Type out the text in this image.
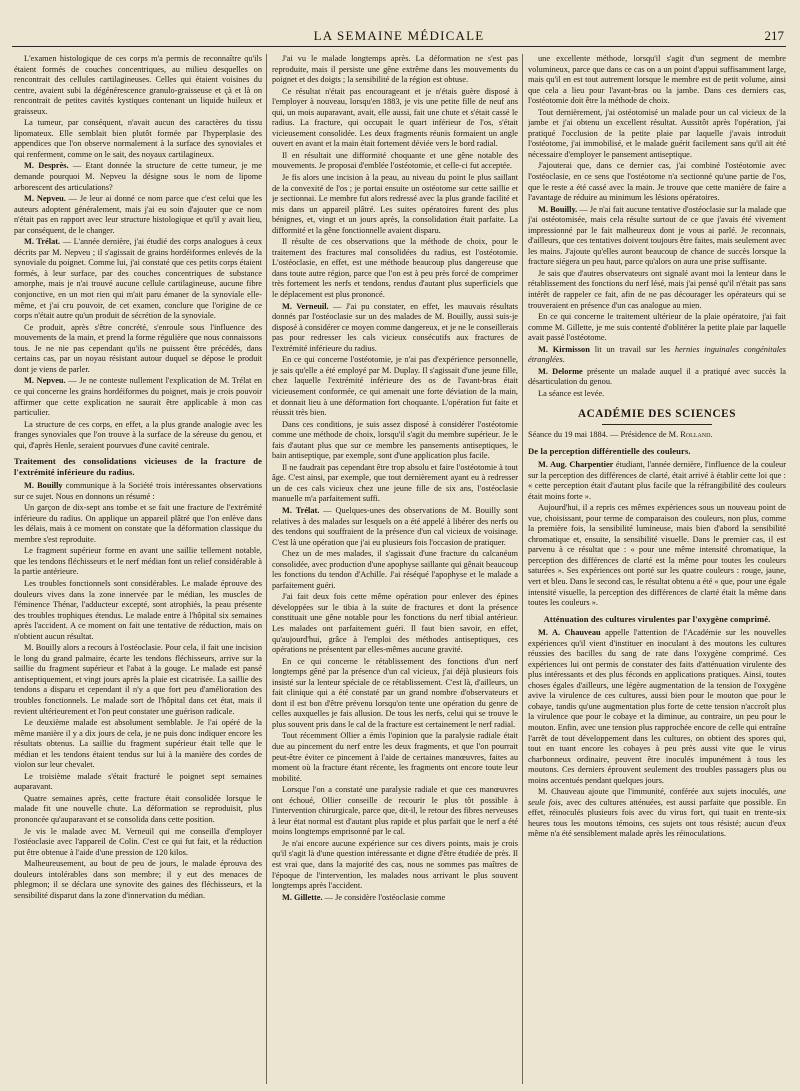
LA SEMAINE MÉDICALE	217

L'examen histologique de ces corps m'a permis de reconnaître qu'ils étaient formés de couches concentriques, au milieu desquelles on rencontrait des cellules cartilagineuses. Celles qui étaient voisines du centre, avaient subi la dégénérescence granulo-graisseuse et çà et là on rencontrait de petites cavités kystiques contenant un liquide huileux et graisseux.

La tumeur, par conséquent, n'avait aucun des caractères du tissu lipomateux. Elle semblait bien plutôt formée par l'hyperplasie des appendices que l'on observe normalement à la surface des synoviales et qui renferment, comme on le sait, des noyaux cartilagineux.

M. Desprès. — Etant donnée la structure de cette tumeur, je me demande pourquoi M. Nepveu la désigne sous le nom de lipome arborescent des articulations?

M. Nepveu. — Je leur ai donné ce nom parce que c'est celui que les auteurs adoptent généralement, mais j'ai eu soin d'ajouter que ce nom n'était pas en rapport avec leur structure histologique et qu'il y avait lieu, par conséquent, de le changer.

M. Trélat. — L'année dernière, j'ai étudié des corps analogues à ceux décrits par M. Nepveu ; il s'agissait de grains hordéiformes enlevés de la synoviale du poignet. Comme lui, j'ai constaté que ces petits corps étaient formés, à leur surface, par des couches concentriques de substance amorphe, mais je n'ai trouvé aucune cellule cartilagineuse, aucune fibre conjonctive, en un mot rien qui m'ait paru émaner de la synoviale elle-même, et j'ai cru pouvoir, de cet examen, conclure que l'origine de ce corps n'était autre qu'un produit de sécrétion de la synoviale.

Ce produit, après s'être concrété, s'enroule sous l'influence des mouvements de la main, et prend la forme régulière que nous connaissons tous. Je ne nie pas cependant qu'ils ne puissent être précédés, dans certains cas, par un noyau résistant autour duquel se dépose le produit dont je viens de parler.

M. Nepveu. — Je ne conteste nullement l'explication de M. Trélat en ce qui concerne les grains hordéiformes du poignet, mais je crois pouvoir affirmer que cette explication ne saurait être applicable à mon cas particulier.

La structure de ces corps, en effet, a la plus grande analogie avec les franges synoviales que l'on trouve à la surface de la séreuse du genou, et qui, d'après Henle, seraient pourvues d'une cavité centrale.

Traitement des consolidations vicieuses de la fracture de l'extrémité inférieure du radius.

M. Bouilly communique à la Société trois intéressantes observations sur ce sujet. Nous en donnons un résumé :

Un garçon de dix-sept ans tombe et se fait une fracture de l'extrémité inférieure du radius. On applique un appareil plâtré que l'on enlève dans les délais, mais à ce moment on constate que la déformation classique du membre s'est reproduite.

Le fragment supérieur forme en avant une saillie tellement notable, que les tendons fléchisseurs et le nerf médian font un relief considérable à la partie antérieure.

Les troubles fonctionnels sont considérables. Le malade éprouve des douleurs vives dans la zone innervée par le médian, les muscles de l'éminence Thénar, l'adducteur excepté, sont atrophiés, la peau présente des troubles trophiques étendus. Le malade entre à l'hôpital six semaines après l'accident. A ce moment on fait une tentative de réduction, mais on n'obtient aucun résultat.

M. Bouilly alors a recours à l'ostéoclasie. Pour cela, il fait une incision le long du grand palmaire, écarte les tendons fléchisseurs, arrive sur la saillie du fragment supérieur et l'abat à la gouge. Le malade est pansé antiseptiquement, et vingt jours après la plaie est cicatrisée. La saillie des tendons a disparu et cependant il n'y a que fort peu d'amélioration des troubles fonctionnels. Le malade sort de l'hôpital dans cet état, mais il revient ultérieurement et l'on peut constater une guérison radicale.

Le deuxième malade est absolument semblable. Je l'ai opéré de la même manière il y a dix jours de cela, je ne puis donc indiquer encore les résultats obtenus. La saillie du fragment supérieur était telle que le médian et les tendons étaient tendus sur lui à la manière des cordes de violon sur leur chevalet.

Le troisième malade s'était fracturé le poignet sept semaines auparavant.

Quatre semaines après, cette fracture était consolidée lorsque le malade fit une nouvelle chute. La déformation se reproduisit, plus prononcée qu'auparavant et se consolida dans cette position.

Je vis le malade avec M. Verneuil qui me conseilla d'employer l'ostéoclasie avec l'appareil de Colin. C'est ce qui fut fait, et la réduction put être obtenue à l'aide d'une pression de 120 kilos.

Malheureusement, au bout de peu de jours, le malade éprouva des douleurs intolérables dans son membre; il y eut des menaces de phlegmon; il se déclara une synovite des gaines des fléchisseurs, et la sensibilité disparut dans la zone d'innervation du médian.

J'ai vu le malade longtemps après. La déformation ne s'est pas reproduite, mais il persiste une gêne extrême dans les mouvements du poignet et des doigts ; la sensibilité de la région est obtuse.

Ce résultat n'était pas encourageant et je n'étais guère disposé à l'employer à nouveau, lorsqu'en 1883, je vis une petite fille de neuf ans qui, un mois auparavant, avait, elle aussi, fait une chute et s'était cassé le radius. La fracture, qui occupait le quart inférieur de l'os, s'était vicieusement consolidée. Les deux fragments réunis formaient un angle ouvert en avant et la main était fortement déviée vers le bord radial.

Il en résultait une difformité choquante et une gêne notable des mouvements. Je proposai d'emblée l'ostéotomie, et celle-ci fut acceptée.

Je fis alors une incision à la peau, au niveau du point le plus saillant de la convexité de l'os ; je portai ensuite un ostéotome sur cette saillie et je sectionnai. Le membre fut alors redressé avec la plus grande facilité et mis dans un appareil plâtré. Les suites opératoires furent des plus bénignes, et, vingt et un jours après, la consolidation était parfaite. La difformité et la gêne fonctionnelle avaient disparu.

Il résulte de ces observations que la méthode de choix, pour le traitement des fractures mal consolidées du radius, est l'ostéotomie. L'ostéoclasie, en effet, est une méthode beaucoup plus dangereuse que dans toute autre région, parce que l'on est à peu près forcé de comprimer très fortement les nerfs et tendons, rendus d'autant plus superficiels que le déplacement est plus prononcé.

M. Verneuil. — J'ai pu constater, en effet, les mauvais résultats donnés par l'ostéoclasie sur un des malades de M. Bouilly, aussi suis-je disposé à considérer ce moyen comme dangereux, et je ne le conseillerais pas pour redresser les cals vicieux consécutifs aux fractures de l'extrémité inférieure du radius.

En ce qui concerne l'ostéotomie, je n'ai pas d'expérience personnelle, je sais qu'elle a été employé par M. Duplay. Il s'agissait d'une jeune fille, chez laquelle l'extrémité inférieure des os de l'avant-bras était vicieusement conformée, ce qui amenait une forte déviation de la main, et donnait lieu à une déformation fort choquante. L'opération fut faite et réussit très bien.

Dans ces conditions, je suis assez disposé à considérer l'ostéotomie comme une méthode de choix, lorsqu'il s'agit du membre supérieur. Je le fais d'autant plus que sur ce membre les pansements antiseptiques, le bain antiseptique, par exemple, sont d'une application plus facile.

Il ne faudrait pas cependant être trop absolu et faire l'ostéotomie à tout âge. C'est ainsi, par exemple, que tout dernièrement ayant eu à redresser un de ces cals vicieux chez une jeune fille de six ans, l'ostéoclasie manuelle m'a parfaitement suffi.

M. Trélat. — Quelques-unes des observations de M. Bouilly sont relatives à des malades sur lesquels on a été appelé à libérer des nerfs ou des tendons qui souffraient de la présence d'un cal vicieux de voisinage. C'est là une opération que j'ai eu plusieurs fois l'occasion de pratiquer.

Chez un de mes malades, il s'agissait d'une fracture du calcanéum consolidée, avec production d'une apophyse saillante qui gênait beaucoup les fonctions du tendon d'Achille. J'ai réséqué l'apophyse et le malade a parfaitement guéri.

J'ai fait deux fois cette même opération pour enlever des épines développées sur le tibia à la suite de fractures et dont la présence constituait une gêne notable pour les fonctions du nerf tibial antérieur. Les malades ont parfaitement guéri. Il faut bien savoir, en effet, qu'aujourd'hui, grâce à l'emploi des méthodes antiseptiques, ces opérations ne présentent par elles-mêmes aucune gravité.

En ce qui concerne le rétablissement des fonctions d'un nerf longtemps gêné par la présence d'un cal vicieux, j'ai déjà plusieurs fois insisté sur la lenteur spéciale de ce rétablissement. C'est là, d'ailleurs, un fait clinique qui a été constaté par un grand nombre d'observateurs et dont il est bon d'être prévenu lorsqu'on tente une opération du genre de celles auxquelles je fais allusion. De tous les nerfs, celui qui se trouve le plus souvent pris dans le cal de la fracture est certainement le nerf radial.

Tout récemment Ollier a émis l'opinion que la paralysie radiale était due au pincement du nerf entre les deux fragments, et que l'on pourrait peut-être éviter ce pincement à l'aide de certaines manœuvres, faites au moment où la fracture étant récente, les fragments ont encore toute leur mobilité.

Lorsque l'on a constaté une paralysie radiale et que ces manœuvres ont échoué, Ollier conseille de recourir le plus tôt possible à l'intervention chirurgicale, parce que, dit-il, le retour des fibres nerveuses à leur état normal est d'autant plus rapide et plus parfait que le nerf a été moins longtemps emprisonné par le cal.

Je n'ai encore aucune expérience sur ces divers points, mais je crois qu'il s'agit là d'une question intéressante et digne d'être étudiée de près. Il est vrai que, dans la majorité des cas, nous ne sommes pas maîtres de l'époque de l'intervention, les malades nous arrivant le plus souvent longtemps après l'accident.

M. Gillette. — Je considère l'ostéoclasie comme

une excellente méthode, lorsqu'il s'agit d'un segment de membre volumineux, parce que dans ce cas on a un point d'appui suffisamment large, mais qu'il en est tout autrement lorsque le membre est de petit volume, ainsi que cela a lieu pour l'avant-bras ou la jambe. Dans ces derniers cas, l'ostéotomie doit être la méthode de choix.

Tout dernièrement, j'ai ostéotomisé un malade pour un cal vicieux de la jambe et j'ai obtenu un excellent résultat. Aussitôt après l'opération, j'ai pratiqué l'occlusion de la petite plaie par laquelle j'avais introduit l'ostéotome, j'ai immobilisé, et le malade guérit facilement sans qu'il ait été nécessaire d'employer le pansement antiseptique.

J'ajouterai que, dans ce dernier cas, j'ai combiné l'ostéotomie avec l'ostéoclasie, en ce sens que l'ostéotome n'a sectionné qu'une partie de l'os, que le reste a été cassé avec la main. Je trouve que cette manière de faire a l'avantage de réduire au minimum les lésions opératoires.

M. Bouilly. — Je n'ai fait aucune tentative d'ostéoclasie sur la malade que j'ai ostéotomisée, mais cela résulte surtout de ce que j'avais été vivement impressionné par le fait malheureux dont je vous ai parlé. Je reconnais, d'ailleurs, que ces tentatives doivent toujours être faites, mais seulement avec les mains. J'ajoute qu'elles auront beaucoup de chance de succès lorsque la fracture siégera un peu haut, parce qu'alors on aura une prise suffisante.

Je sais que d'autres observateurs ont signalé avant moi la lenteur dans le rétablissement des fonctions du nerf lésé, mais j'ai pensé qu'il n'était pas sans intérêt de rappeler ce fait, afin de ne pas décourager les opérateurs qui se trouveraient en présence d'un cas analogue au mien.

En ce qui concerne le traitement ultérieur de la plaie opératoire, j'ai fait comme M. Gillette, je me suis contenté d'oblitérer la petite plaie par laquelle avait passé l'ostéotome.

M. Kirmisson lit un travail sur les hernies inguinales congénitales étranglées.

M. Delorme présente un malade auquel il a pratiqué avec succès la désarticulation du genou.

La séance est levée.

ACADÉMIE DES SCIENCES

Séance du 19 mai 1884. — Présidence de M. Rolland.

De la perception différentielle des couleurs.

M. Aug. Charpentier étudiant, l'année dernière, l'influence de la couleur sur la perception des différences de clarté, était arrivé à établir cette loi que : « cette perception était d'autant plus facile que la réfrangibilité des couleurs était moins forte ».

Aujourd'hui, il a repris ces mêmes expériences sous un nouveau point de vue, choisissant, pour terme de comparaison des couleurs, non plus, comme la première fois, la sensibilité lumineuse, mais bien d'abord la sensibilité chromatique et, ensuite, la sensibilité visuelle. Dans le premier cas, il est parvenu à ce résultat que : « pour une même intensité chromatique, la perception des différences de clarté est la même pour toutes les couleurs saturées ». Ses expériences ont porté sur les quatre couleurs : rouge, jaune, vert et bleu. Dans le second cas, le résultat obtenu a été « que, pour une égale intensité visuelle, la perception des différences de clarté était la même dans toutes les couleurs ».

Atténuation des cultures virulentes par l'oxygène comprimé.

M. A. Chauveau appelle l'attention de l'Académie sur les nouvelles expériences qu'il vient d'instituer en inoculant à des moutons les cultures réussies des bacilles du sang de rate dans l'oxygène comprimé. Ces expériences lui ont permis de constater des faits d'atténuation virulente des plus intéressants et des plus féconds en applications pratiques. Ainsi, toutes choses égales d'ailleurs, une légère augmentation de la tension de l'oxygène avive la virulence de ces cultures, aussi bien pour le mouton que pour le cobaye, tandis qu'une augmentation plus forte de cette tension n'accroît plus la virulence que pour le cobaye et la diminue, au contraire, un peu pour le mouton. Enfin, avec une tension plus rapprochée encore de celle qui entraîne l'arrêt de tout développement dans les cultures, on obtient des spores qui, tout en tuant encore les cobayes à peu près aussi vite que le virus charbonneux ordinaire, peuvent être inoculés impunément à tous les moutons. Ces derniers éprouvent seulement des troubles passagers plus ou moins accentués pendant quelques jours.

M. Chauveau ajoute que l'immunité, conférée aux sujets inoculés, une seule fois, avec des cultures atténuées, est aussi parfaite que possible. En effet, réinoculés plusieurs fois avec du virus fort, qui tuait en trente-six heures tous les moutons témoins, ces sujets ont tous résisté; aucun d'eux même n'a été sensiblement malade après les réinoculations.
